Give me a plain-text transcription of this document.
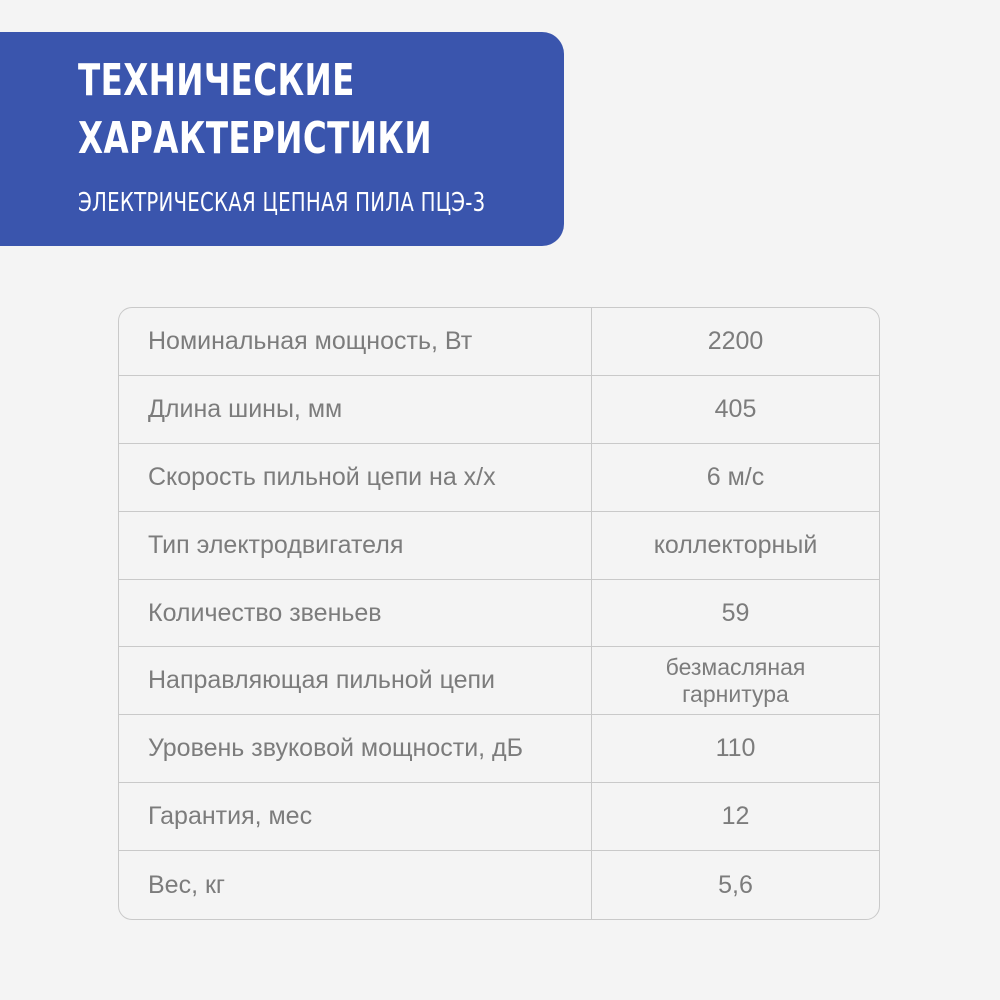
ТЕХНИЧЕСКИЕ
ХАРАКТЕРИСТИКИ
ЭЛЕКТРИЧЕСКАЯ ЦЕПНАЯ ПИЛА ПЦЭ-3
Номинальная мощность, Вт	2200
Длина шины, мм	405
Скорость пильной цепи на х/х	6 м/с
Тип электродвигателя	коллекторный
Количество звеньев	59
Направляющая пильной цепи	безмасляная гарнитура
Уровень звуковой мощности, дБ	110
Гарантия, мес	12
Вес, кг	5,6
